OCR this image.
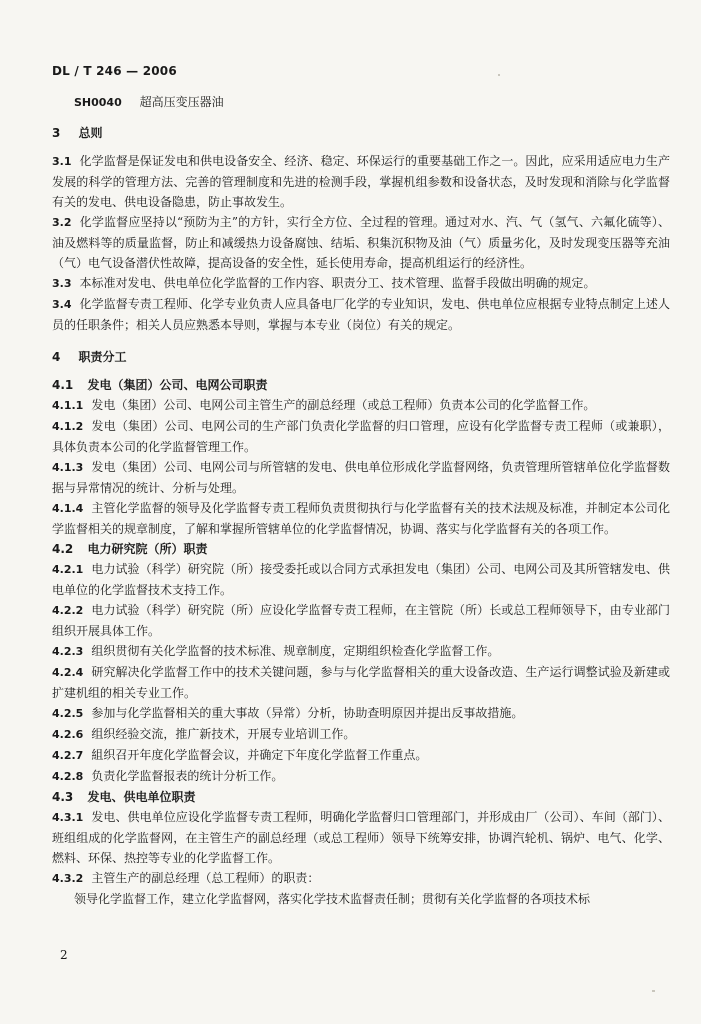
DL / T 246 — 2006
SH0040 超高压变压器油
3 总则

3.1 化学监督是保证发电和供电设备安全、经济、稳定、环保运行的重要基础工作之一。因此，应采用适应电力生产发展的科学的管理方法、完善的管理制度和先进的检测手段，掌握机组参数和设备状态，及时发现和消除与化学监督有关的发电、供电设备隐患，防止事故发生。

3.2 化学监督应坚持以“预防为主”的方针，实行全方位、全过程的管理。通过对水、汽、气（氢气、六氟化硫等）、油及燃料等的质量监督，防止和减缓热力设备腐蚀、结垢、积集沉积物及油（气）质量劣化，及时发现变压器等充油（气）电气设备潜伏性故障，提高设备的安全性，延长使用寿命，提高机组运行的经济性。

3.3 本标准对发电、供电单位化学监督的工作内容、职责分工、技术管理、监督手段做出明确的规定。

3.4 化学监督专责工程师、化学专业负责人应具备电厂化学的专业知识，发电、供电单位应根据专业特点制定上述人员的任职条件；相关人员应熟悉本导则，掌握与本专业（岗位）有关的规定。

4 职责分工
4.1 发电（集团）公司、电网公司职责

4.1.1 发电（集团）公司、电网公司主管生产的副总经理（或总工程师）负责本公司的化学监督工作。

4.1.2 发电（集团）公司、电网公司的生产部门负责化学监督的归口管理，应设有化学监督专责工程师（或兼职），具体负责本公司的化学监督管理工作。

4.1.3 发电（集团）公司、电网公司与所管辖的发电、供电单位形成化学监督网络，负责管理所管辖单位化学监督数据与异常情况的统计、分析与处理。

4.1.4 主管化学监督的领导及化学监督专责工程师负责贯彻执行与化学监督有关的技术法规及标准，并制定本公司化学监督相关的规章制度，了解和掌握所管辖单位的化学监督情况，协调、落实与化学监督有关的各项工作。

4.2 电力研究院（所）职责

4.2.1 电力试验（科学）研究院（所）接受委托或以合同方式承担发电（集团）公司、电网公司及其所管辖发电、供电单位的化学监督技术支持工作。

4.2.2 电力试验（科学）研究院（所）应设化学监督专责工程师，在主管院（所）长或总工程师领导下，由专业部门组织开展具体工作。

4.2.3 组织贯彻有关化学监督的技术标准、规章制度，定期组织检查化学监督工作。

4.2.4 研究解决化学监督工作中的技术关键问题，参与与化学监督相关的重大设备改造、生产运行调整试验及新建或扩建机组的相关专业工作。

4.2.5 参加与化学监督相关的重大事故（异常）分析，协助查明原因并提出反事故措施。

4.2.6 组织经验交流，推广新技术，开展专业培训工作。

4.2.7 組织召开年度化学监督会议，并确定下年度化学监督工作重点。

4.2.8 负责化学监督报表的统计分析工作。

4.3 发电、供电单位职责

4.3.1 发电、供电单位应设化学监督专责工程师，明确化学监督归口管理部门，并形成由厂（公司）、车间（部门）、班组组成的化学监督网，在主管生产的副总经理（或总工程师）领导下统筹安排，协调汽轮机、锅炉、电气、化学、燃料、环保、热控等专业的化学监督工作。

4.3.2 主管生产的副总经理（总工程师）的职责：

领导化学监督工作，建立化学监督网，落实化学技术监督责任制；贯彻有关化学监督的各项技术标

2
